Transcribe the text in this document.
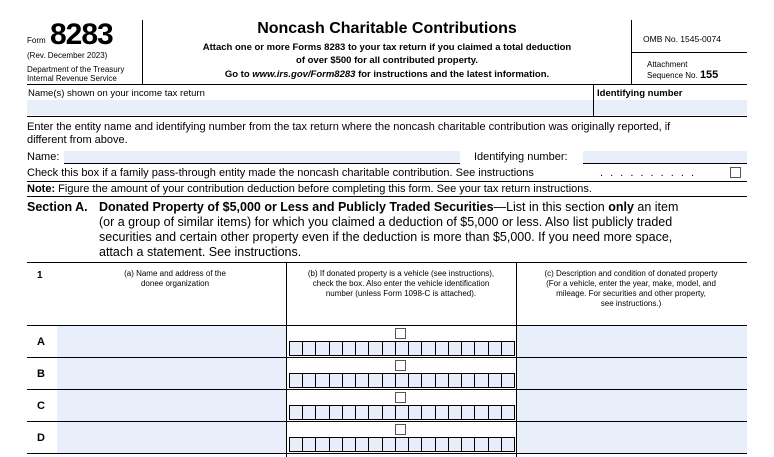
Form 8283
(Rev. December 2023)
Department of the Treasury
Internal Revenue Service
Noncash Charitable Contributions
Attach one or more Forms 8283 to your tax return if you claimed a total deduction
of over $500 for all contributed property.
Go to www.irs.gov/Form8283 for instructions and the latest information.
OMB No. 1545-0074
Attachment
Sequence No. 155
Name(s) shown on your income tax return	Identifying number
Enter the entity name and identifying number from the tax return where the noncash charitable contribution was originally reported, if
different from above.
Name:	Identifying number:
Check this box if a family pass-through entity made the noncash charitable contribution. See instructions	. . . . . . . . . .
Note: Figure the amount of your contribution deduction before completing this form. See your tax return instructions.
Section A. Donated Property of $5,000 or Less and Publicly Traded Securities—List in this section only an item
(or a group of similar items) for which you claimed a deduction of $5,000 or less. Also list publicly traded
securities and certain other property even if the deduction is more than $5,000. If you need more space,
attach a statement. See instructions.
1	(a) Name and address of the
donee organization
(b) If donated property is a vehicle (see instructions),
check the box. Also enter the vehicle identification
number (unless Form 1098-C is attached).
(c) Description and condition of donated property
(For a vehicle, enter the year, make, model, and
mileage. For securities and other property,
see instructions.)
A
B
C
D
